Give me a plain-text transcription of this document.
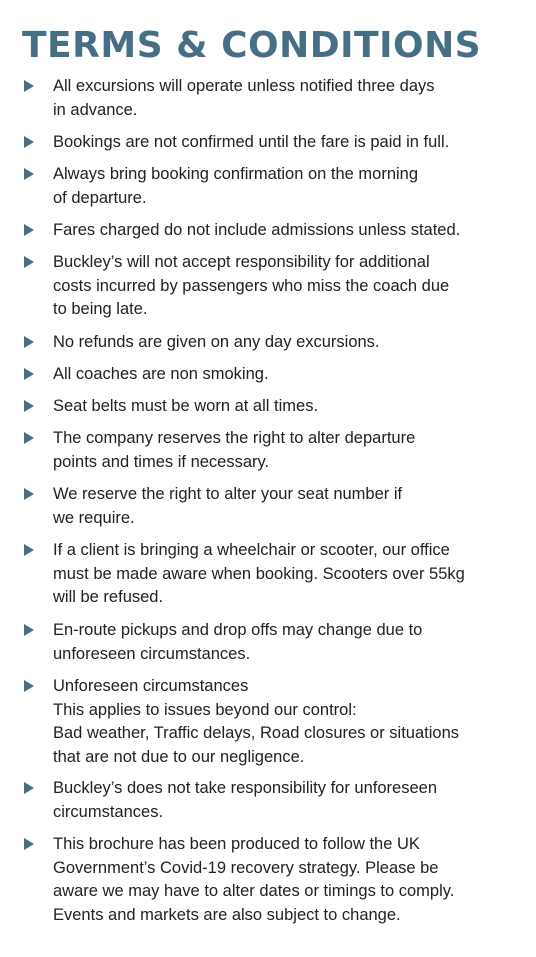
TERMS & CONDITIONS
All excursions will operate unless notified three days
in advance.
Bookings are not confirmed until the fare is paid in full.
Always bring booking confirmation on the morning
of departure.
Fares charged do not include admissions unless stated.
Buckley’s will not accept responsibility for additional
costs incurred by passengers who miss the coach due
to being late.
No refunds are given on any day excursions.
All coaches are non smoking.
Seat belts must be worn at all times.
The company reserves the right to alter departure
points and times if necessary.
We reserve the right to alter your seat number if
we require.
If a client is bringing a wheelchair or scooter, our office
must be made aware when booking. Scooters over 55kg
will be refused.
En-route pickups and drop offs may change due to
unforeseen circumstances.
Unforeseen circumstances
This applies to issues beyond our control:
Bad weather, Traffic delays, Road closures or situations
that are not due to our negligence.
Buckley’s does not take responsibility for unforeseen
circumstances.
This brochure has been produced to follow the UK
Government’s Covid-19 recovery strategy. Please be
aware we may have to alter dates or timings to comply.
Events and markets are also subject to change.
